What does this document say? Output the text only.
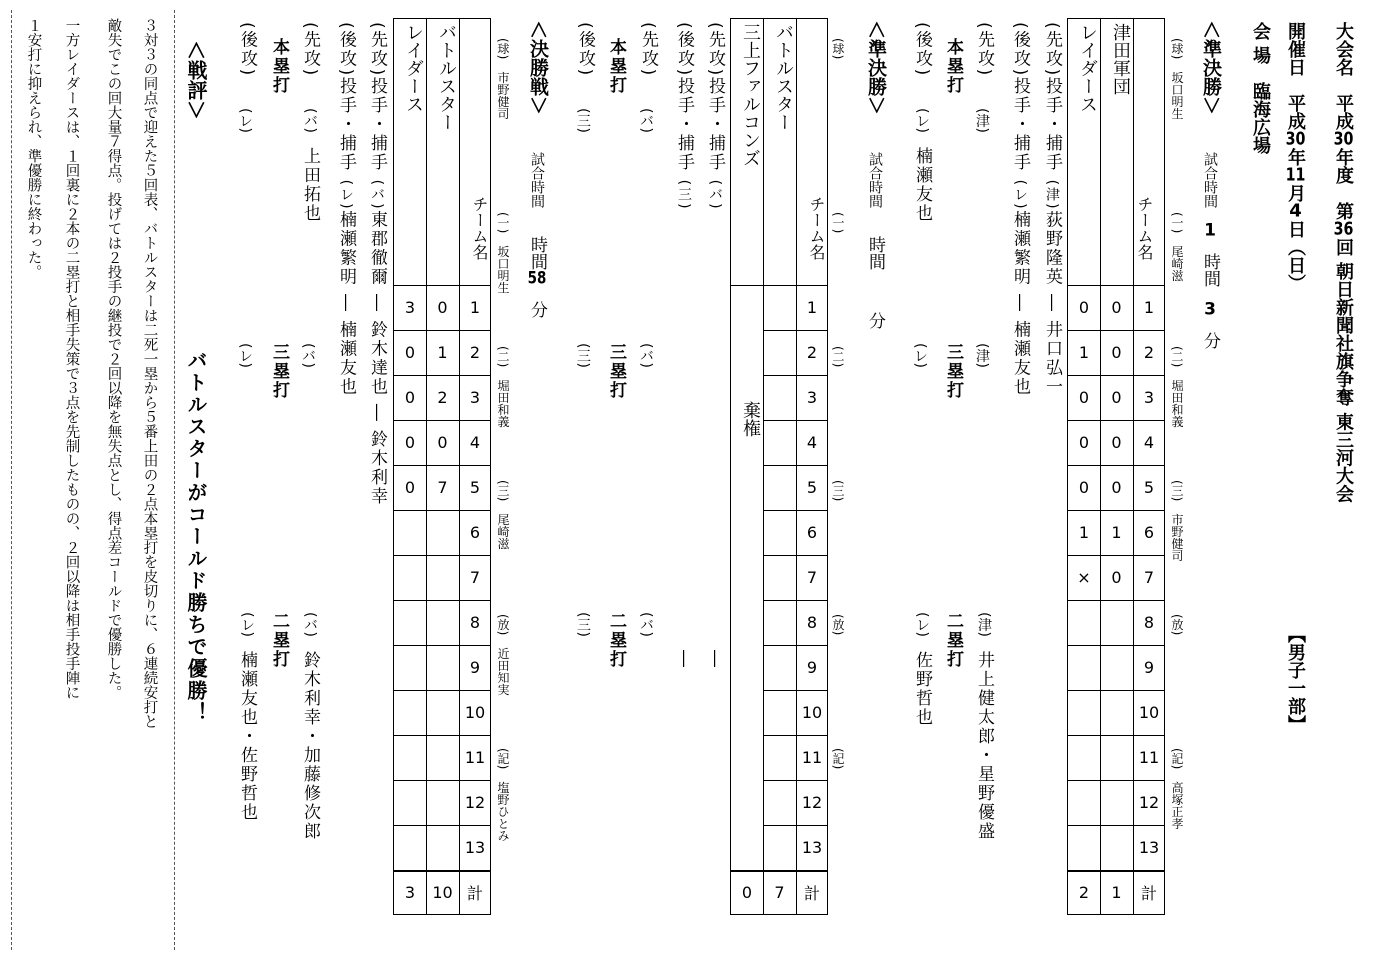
大会名　平成30年度　第36回 朝日新聞社旗争奪 東三河大会
開催日　平成30年11月4日（日）
【男子一部】
会 場　臨海広場
＜準決勝＞
試合時間　1　時間　3　分
(球)　坂口明生
(一)　尾崎滋
(二)　堀田和義
(三)　市野健司
(放)
(記)　高塚正孝
チーム名
津田軍団
レイダース
1
2
3
4
5
6
7
8
9
10
11
12
13
計
0
0
0
0
0
1
0
1
0
1
0
0
0
1
×
2
(先攻)投手・捕手 (津)荻野隆英 ― 井口弘一
(後攻)投手・捕手 (レ)楠瀬繁明 ― 楠瀬友也
(先攻)
(津)
本塁打
(後攻)
(レ)　楠瀬友也
(津)
三塁打
(レ)
(津)　井上健太郎・星野優盛
二塁打
(レ)　佐野哲也
＜準決勝＞
試合時間　　時間　　　分
(球)
(一)
(二)
(三)
(放)
(記)
チーム名
バトルスター
三上ファルコンズ
1
2
3
4
5
6
7
8
9
10
11
12
13
計
棄権
7
0
(先攻)投手・捕手 (バ)
―
(後攻)投手・捕手 (三)
―
(先攻)
(バ)
本塁打
(後攻)
(三)
(バ)
三塁打
(三)
(バ)
二塁打
(三)
＜決勝戦＞
試合時間　　時間58　分
(球)　市野健司
(一)　坂口明生
(二)　堀田和義
(三)　尾崎滋
(放)　近田知実
(記)　塩野ひとみ
チーム名
バトルスター
レイダース
1
2
3
4
5
6
7
8
9
10
11
12
13
計
0
1
2
0
7
10
3
0
0
0
0
3
(先攻)投手・捕手 (バ)東郡徹爾 ― 鈴木達也 ― 鈴木利幸
(後攻)投手・捕手 (レ)楠瀬繁明 ― 楠瀬友也
(先攻)
(バ)　上田拓也
本塁打
(後攻)
(レ)
(バ)
三塁打
(レ)
(バ)　鈴木利幸・加藤修次郎
二塁打
(レ)　楠瀬友也・佐野哲也
＜戦評＞
バトルスターがコールド勝ちで優勝！
３対３の同点で迎えた５回表、バトルスターは二死一塁から５番上田の２点本塁打を皮切りに、６連続安打と
敵失でこの回大量７得点。投げては２投手の継投で２回以降を無失点とし、得点差コールドで優勝した。
一方レイダースは、１回裏に２本の二塁打と相手失策で３点を先制したものの、２回以降は相手投手陣に
１安打に抑えられ、準優勝に終わった。
